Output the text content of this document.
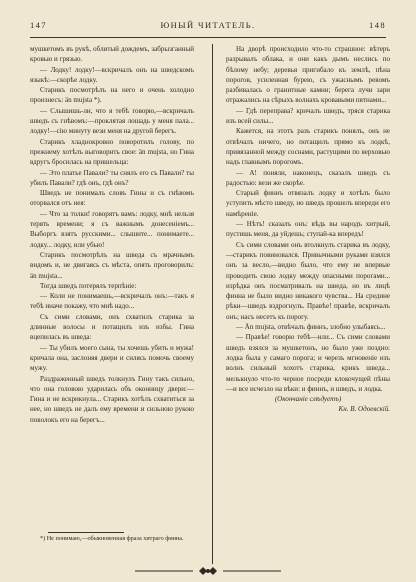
147	ЮНЫЙ ЧИТАТЕЛЬ.	148

мушкетомъ въ рукѣ, облитый дождемъ, забрызганный кровью и грязью.

— Лодку! лодку!—вскричалъ онъ на шведскомъ языкѣ:—скорѣе лодку.

Старикъ посмотрѣлъ на него и очень холодно произнесъ: än mujsta *).

— Слышишь-ли, что я тебѣ говорю,—вскричалъ шведъ съ гнѣвомъ:—проклятая лошадь у меня пала... лодку!—сію минуту вези меня на другой берегъ.

Старикъ хладнокровно поворотилъ голову, по прежнему хотѣлъ выговорить свое: än mujsta, но Гина вдругъ бросилась на пришельца:

— Это платье Павали? ты снялъ его съ Павали? ты убилъ Павали? гдѣ онъ, гдѣ онъ?

Шведъ не понималъ словъ Гины и съ гнѣвомъ оторвался отъ нея:

— Что за толки! говорятъ вамъ: лодку, мнѣ нельзя терять времени; я съ важнымъ донесеніемъ... Выборгъ взятъ русскими... слышите... понимаете... лодку... лодку, или убью!

Старикъ посмотрѣлъ на шведа съ мрачнымъ видомъ и, не двигаясь съ мѣста, опять проговорилъ: än mujsta...

Тогда шведъ потерялъ терпѣніе:

— Коли не понимаешь,—вскричалъ онъ:—такъ я тебѣ иначе покажу, что мнѣ надо...

Съ сими словами, онъ схватилъ старика за длинные волосы и потащилъ изъ избы. Гина вцепилась въ шведа:

— Ты убилъ моего сына, ты хочешь убить и мужа! кричала она, заслоняя двери и силясь помочь своему мужу.

Раздраженный шведъ толкнулъ Гину такъ сильно, что она головою ударилась объ оконницу двери:—Гина и не вскрикнула... Старикъ хотѣлъ схватиться за нее, но шведъ не далъ ему времени и сильною рукою поволокъ его на берегъ...

На дворѣ происходило что-то страшное: вѣтеръ разрывалъ облака, и они какъ дымъ неслись по бѣлому небу; деревья пригибало къ землѣ, пѣна порогов, усиленная бурею, съ ужаснымъ ревомъ разбивалась о гранитные камни; берега лучи зари отражались на сѣрыхъ волнахъ кровавыми пятнами...

— Гдѣ переправа? кричалъ шведъ, тряся старика изъ всей силы...

Кажется, на этотъ разъ старикъ понялъ, онъ не отвѣчалъ ничего, но потащилъ прямо къ лодкѣ, привязанной между соснами, растущими по верховью надъ главнымъ порогомъ.

— А! поняли, наконецъ, сказалъ шведъ съ радостью: вези же скорѣе.

Старый финнъ отвязалъ лодку и хотѣлъ было уступить мѣсто шведу, но шведъ прошелъ впереди его намѣреніе.

— Нѣтъ! сказалъ онъ: вѣдь вы народъ хитрый, пустишь меня, да уйдешь; ступай-ка впередъ!

Съ сими словами онъ втолкнулъ старика въ лодку,—старикъ повиновался. Привычными руками взялся онъ за весло,—видно было, что ему не впервые проводить свою лодку между опасными порогами... изрѣдка онъ посматривалъ на шведа, но въ лицѣ финна не было видно никакого чувства... На средине рѣки—шведъ вздрогнулъ. Правѣе! правѣе, вскричалъ онъ; насъ несетъ къ порогу.

— Än mujsta, отвѣчалъ финнъ, злобно улыбаясь...

— Правѣе! говорю тебѣ—или... Съ сими словами шведъ взялся за мушкетонъ, но было уже поздно: лодка была у самаго порога; и черезъ мгновеніе изъ волнъ сильный хохотъ старика, крикъ шведа... мелькнуло что-то черное посреди клокочущей пѣны—и все исчезло на вѣки: и финнъ, и шведъ, и лодка.

(Окончаніе слѣдуетъ)

Кн. В. Одоевскій.

*) Не понимаю,—обыкновенная фраза хитраго финна.
